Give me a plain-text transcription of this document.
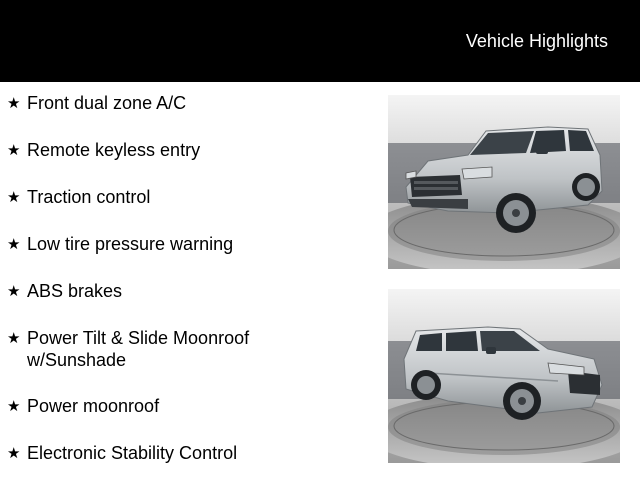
Vehicle Highlights
★ Front dual zone A/C
★ Remote keyless entry
★ Traction control
★ Low tire pressure warning
★ ABS brakes
★ Power Tilt & Slide Moonroof w/Sunshade
★ Power moonroof
★ Electronic Stability Control
